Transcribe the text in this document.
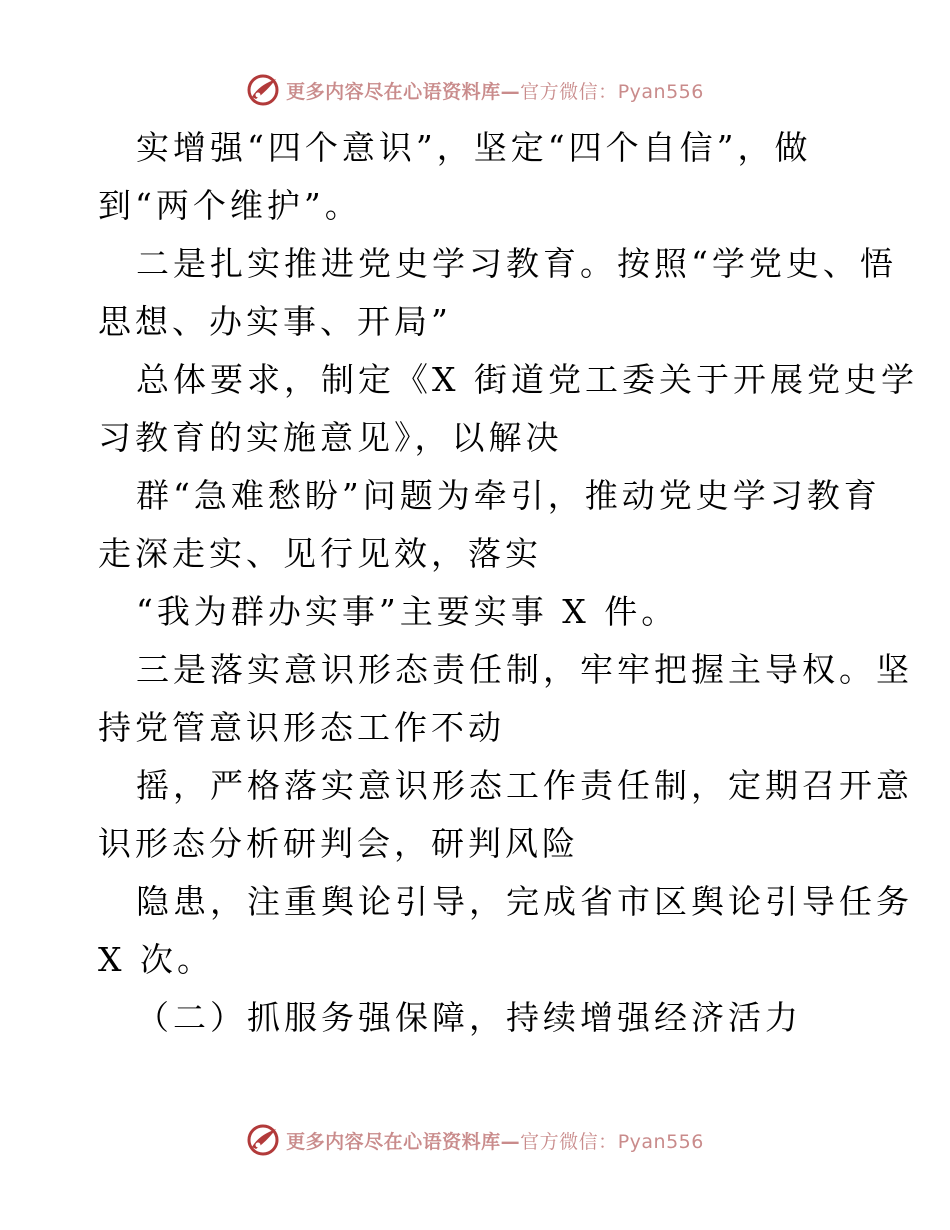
更多内容尽在心语资料库—官方微信：Pyan556
实增强“四个意识”，坚定“四个自信”，做
到“两个维护”。
二是扎实推进党史学习教育。按照“学党史、悟
思想、办实事、开局”
总体要求，制定《X 街道党工委关于开展党史学
习教育的实施意见》，以解决
群“急难愁盼”问题为牵引，推动党史学习教育
走深走实、见行见效，落实
“我为群办实事”主要实事 X 件。
三是落实意识形态责任制，牢牢把握主导权。坚
持党管意识形态工作不动
摇，严格落实意识形态工作责任制，定期召开意
识形态分析研判会，研判风险
隐患，注重舆论引导，完成省市区舆论引导任务
X 次。
（二）抓服务强保障，持续增强经济活力
更多内容尽在心语资料库—官方微信：Pyan556
